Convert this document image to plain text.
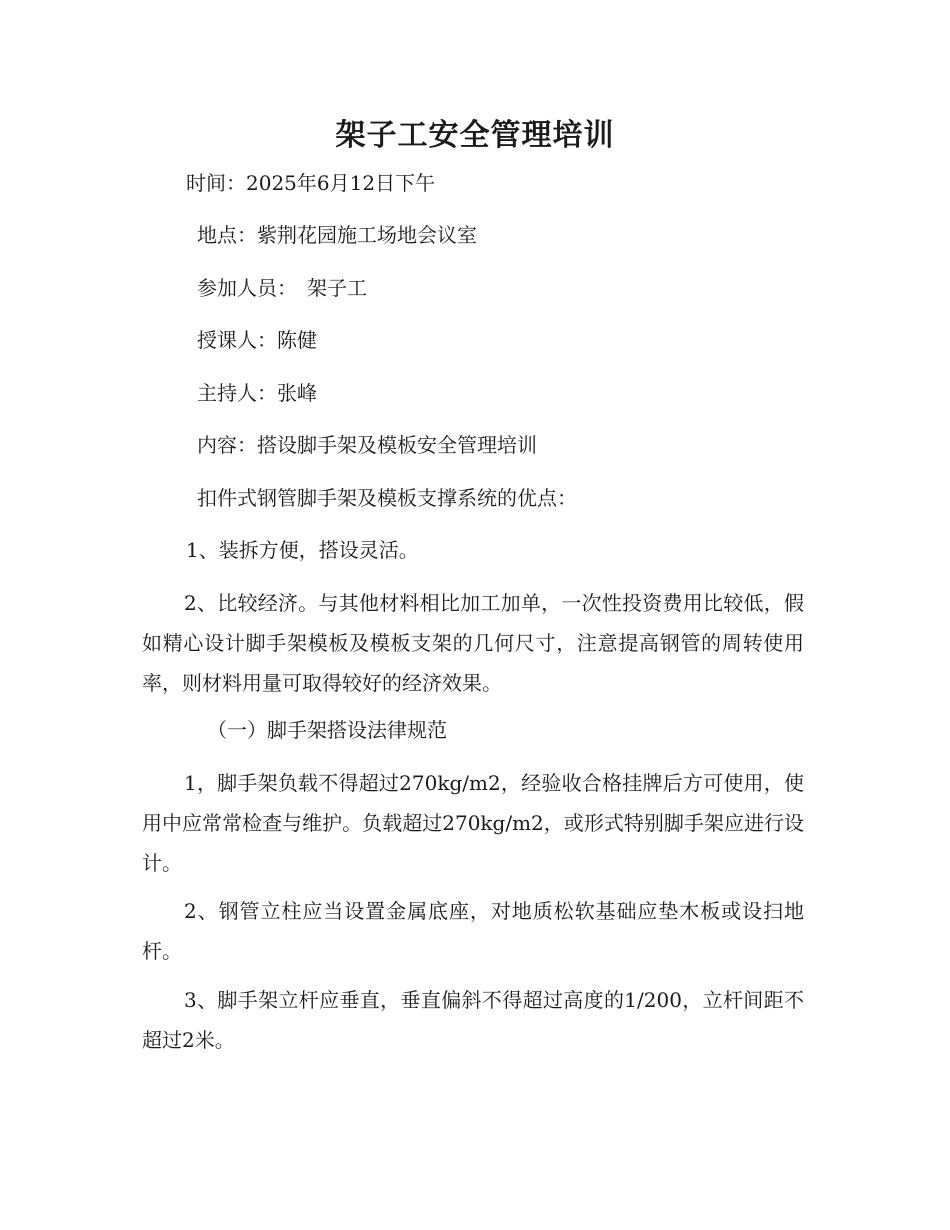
架子工安全管理培训

时间：2025年6月12日下午

地点：紫荆花园施工场地会议室

参加人员：　架子工

授课人：陈健

主持人：张峰

内容：搭设脚手架及模板安全管理培训

扣件式钢管脚手架及模板支撑系统的优点：

1、装拆方便，搭设灵活。

2、比较经济。与其他材料相比加工加单，一次性投资费用比较低，假如精心设计脚手架模板及模板支架的几何尺寸，注意提高钢管的周转使用率，则材料用量可取得较好的经济效果。

（一）脚手架搭设法律规范

1，脚手架负载不得超过270kg/m2，经验收合格挂牌后方可使用，使用中应常常检查与维护。负载超过270kg/m2，或形式特别脚手架应进行设计。

2、钢管立柱应当设置金属底座，对地质松软基础应垫木板或设扫地杆。

3、脚手架立杆应垂直，垂直偏斜不得超过高度的1/200，立杆间距不超过2米。
